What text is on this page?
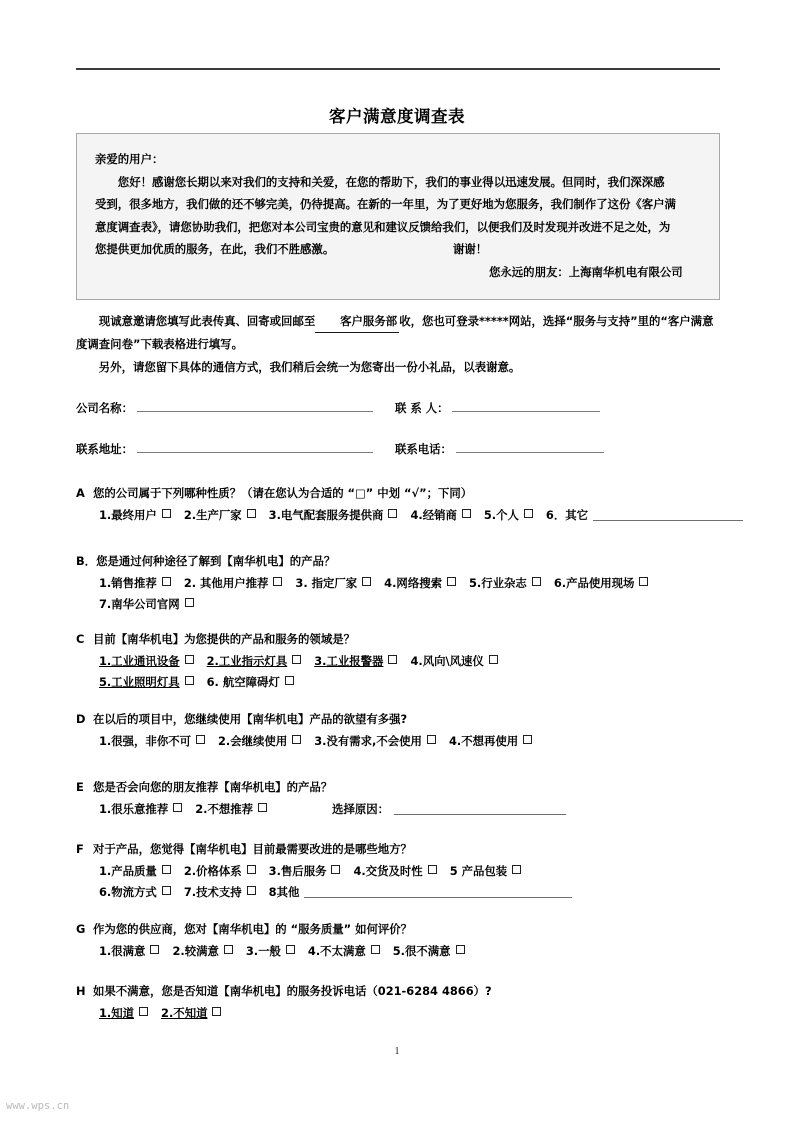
客户满意度调查表
亲爱的用户：
您好！感谢您长期以来对我们的支持和关爱，在您的帮助下，我们的事业得以迅速发展。但同时，我们深深感
受到，很多地方，我们做的还不够完美，仍待提高。在新的一年里，为了更好地为您服务，我们制作了这份《客户满
意度调查表》，请您协助我们，把您对本公司宝贵的意见和建议反馈给我们，以便我们及时发现并改进不足之处，为
您提供更加优质的服务，在此，我们不胜感激。	谢谢！
您永远的朋友：上海南华机电有限公司
现诚意邀请您填写此表传真、回寄或回邮至 客户服务部 收，您也可登录*****网站，选择“服务与支持”里的“客户满意度调查问卷”下载表格进行填写。
另外，请您留下具体的通信方式，我们稍后会统一为您寄出一份小礼品，以表谢意。
公司名称：	联 系 人：
联系地址：	联系电话：
A 您的公司属于下列哪种性质？（请在您认为合适的 “□” 中划 “√”；下同）
1.最终用户 2.生产厂家 3.电气配套服务提供商 4.经销商 5.个人 6．其它
B．您是通过何种途径了解到【南华机电】的产品？
1.销售推荐 2. 其他用户推荐 3. 指定厂家 4.网络搜索 5.行业杂志 6.产品使用现场
7.南华公司官网
C 目前【南华机电】为您提供的产品和服务的领域是？
1.工业通讯设备 2.工业指示灯具 3.工业报警器 4.风向\风速仪
5.工业照明灯具 6. 航空障碍灯
D 在以后的项目中，您继续使用【南华机电】产品的欲望有多强?
1.很强，非你不可 2.会继续使用 3.没有需求,不会使用 4.不想再使用
E 您是否会向您的朋友推荐【南华机电】的产品？
1.很乐意推荐 2.不想推荐	选择原因：
F 对于产品，您觉得【南华机电】目前最需要改进的是哪些地方？
1.产品质量 2.价格体系 3.售后服务 4.交货及时性 5 产品包装
6.物流方式 7.技术支持 8其他
G 作为您的供应商，您对【南华机电】的 “服务质量” 如何评价？
1.很满意 2.较满意 3.一般 4.不太满意 5.很不满意
H 如果不满意，您是否知道【南华机电】的服务投诉电话（021-6284 4866）?
1.知道 2.不知道
1
www.wps.cn
